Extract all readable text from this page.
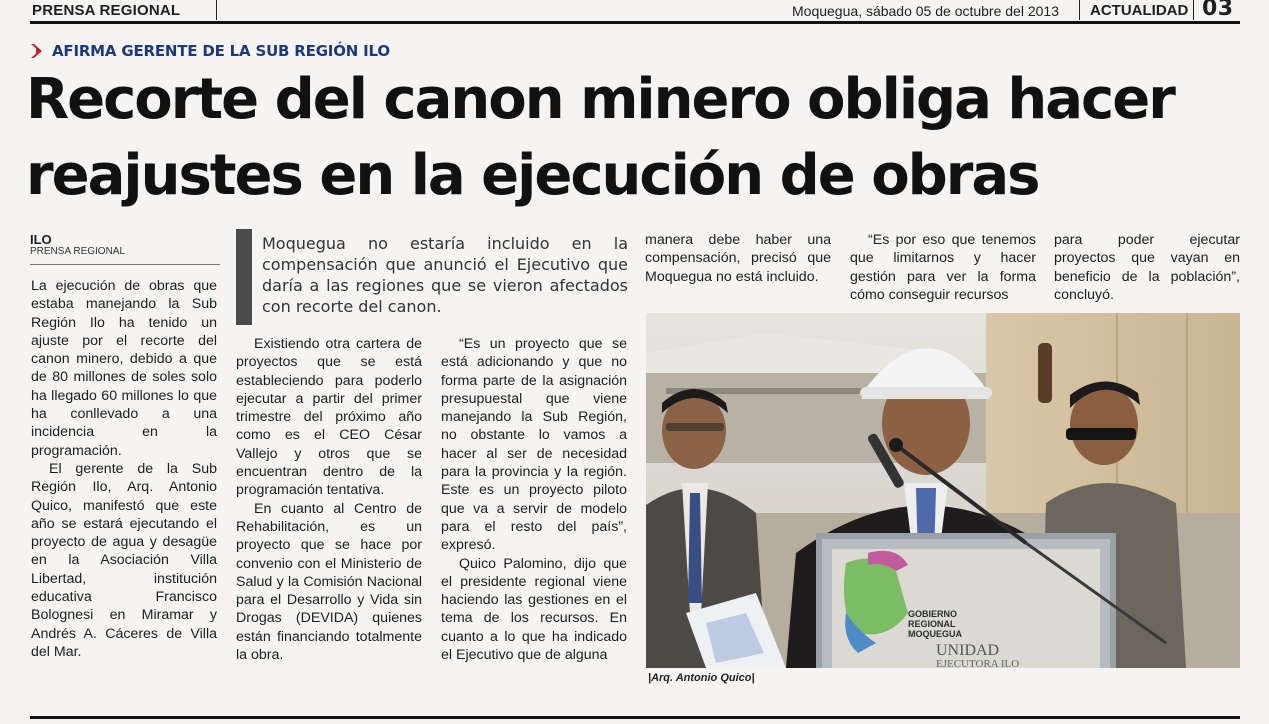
PRENSA REGIONAL	Moquegua, sábado 05 de octubre del 2013 ACTUALIDAD 03
AFIRMA GERENTE DE LA SUB REGIÓN ILO
Recorte del canon minero obliga hacer
reajustes en la ejecución de obras
ILO
PRENSA REGIONAL

La ejecución de obras que estaba manejando la Sub Región Ilo ha tenido un ajuste por el recorte del canon minero, debido a que de 80 millones de soles solo ha llegado 60 millones lo que ha conllevado a una incidencia en la programación.

El gerente de la Sub Región Ilo, Arq. Antonio Quico, manifestó que este año se estará ejecutando el proyecto de agua y desagüe en la Asociación Villa Libertad, institución educativa Francisco Bolognesi en Miramar y Andrés A. Cáceres de Villa del Mar.

Moquegua no estaría incluido en la compensación que anunció el Ejecutivo que daría a las regiones que se vieron afectados con recorte del canon.

Existiendo otra cartera de proyectos que se está estableciendo para poderlo ejecutar a partir del primer trimestre del próximo año como es el CEO César Vallejo y otros que se encuentran dentro de la programación tentativa.

En cuanto al Centro de Rehabilitación, es un proyecto que se hace por convenio con el Ministerio de Salud y la Comisión Nacional para el Desarrollo y Vida sin Drogas (DEVIDA) quienes están financiando totalmente la obra.

“Es un proyecto que se está adicionando y que no forma parte de la asignación presupuestal que viene manejando la Sub Región, no obstante lo vamos a hacer al ser de necesidad para la provincia y la región. Este es un proyecto piloto que va a servir de modelo para el resto del país”, expresó.

Quico Palomino, dijo que el presidente regional viene haciendo las gestiones en el tema de los recursos. En cuanto a lo que ha indicado el Ejecutivo que de alguna

manera debe haber una compensación, precisó que Moquegua no está incluido.

“Es por eso que tenemos que limitarnos y hacer gestión para ver la forma cómo conseguir recursos

para poder ejecutar proyectos que vayan en beneficio de la población”, concluyó.

GOBIERNO
REGIONAL
MOQUEGUA
UNIDAD
EJECUTORA ILO
|Arq. Antonio Quico|
